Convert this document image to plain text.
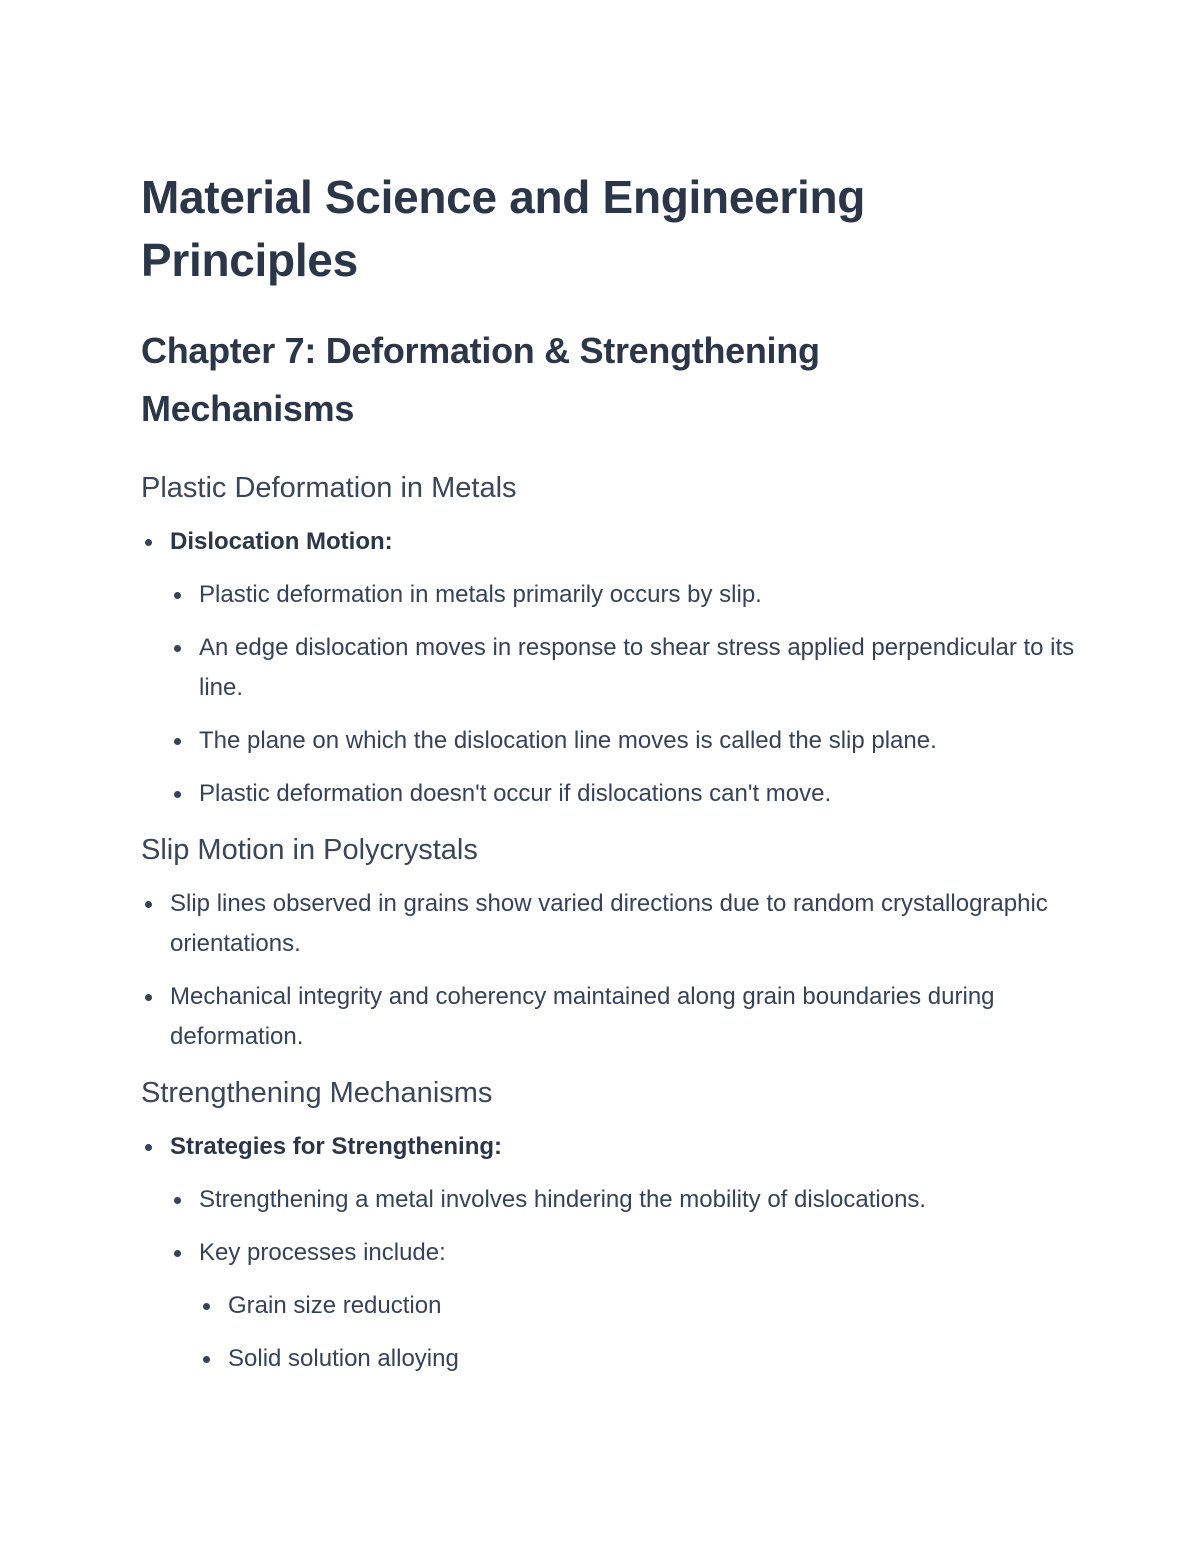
Material Science and Engineering Principles
Chapter 7: Deformation & Strengthening Mechanisms
Plastic Deformation in Metals
Dislocation Motion:
Plastic deformation in metals primarily occurs by slip.
An edge dislocation moves in response to shear stress applied perpendicular to its line.
The plane on which the dislocation line moves is called the slip plane.
Plastic deformation doesn't occur if dislocations can't move.
Slip Motion in Polycrystals
Slip lines observed in grains show varied directions due to random crystallographic orientations.
Mechanical integrity and coherency maintained along grain boundaries during deformation.
Strengthening Mechanisms
Strategies for Strengthening:
Strengthening a metal involves hindering the mobility of dislocations.
Key processes include:
Grain size reduction
Solid solution alloying
